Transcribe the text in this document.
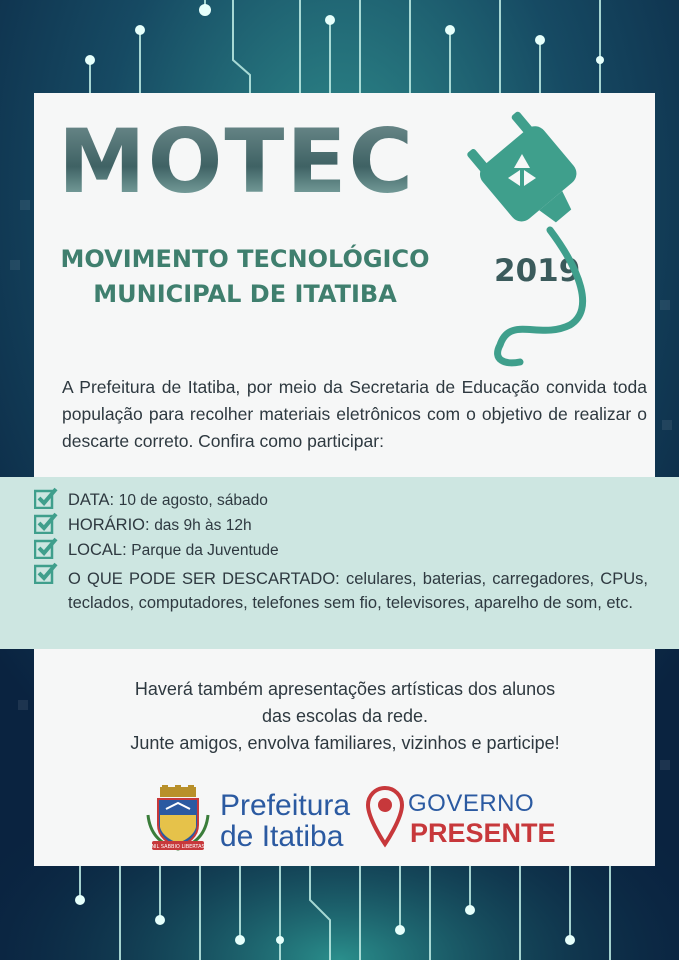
MOTEC
MOVIMENTO TECNOLÓGICO
MUNICIPAL DE ITATIBA
2019
A Prefeitura de Itatiba, por meio da Secretaria de Educação convida toda população para recolher materiais eletrônicos com o objetivo de realizar o descarte correto. Confira como participar:
DATA: 10 de agosto, sábado
HORÁRIO: das 9h às 12h
LOCAL: Parque da Juventude
O QUE PODE SER DESCARTADO: celulares, baterias, carregadores, CPUs, teclados, computadores, telefones sem fio, televisores, aparelho de som, etc.
Haverá também apresentações artísticas dos alunos
das escolas da rede.
Junte amigos, envolva familiares, vizinhos e participe!
NIL SABBIO LIBERTAS
Prefeitura
de Itatiba
GOVERNO
PRESENTE
